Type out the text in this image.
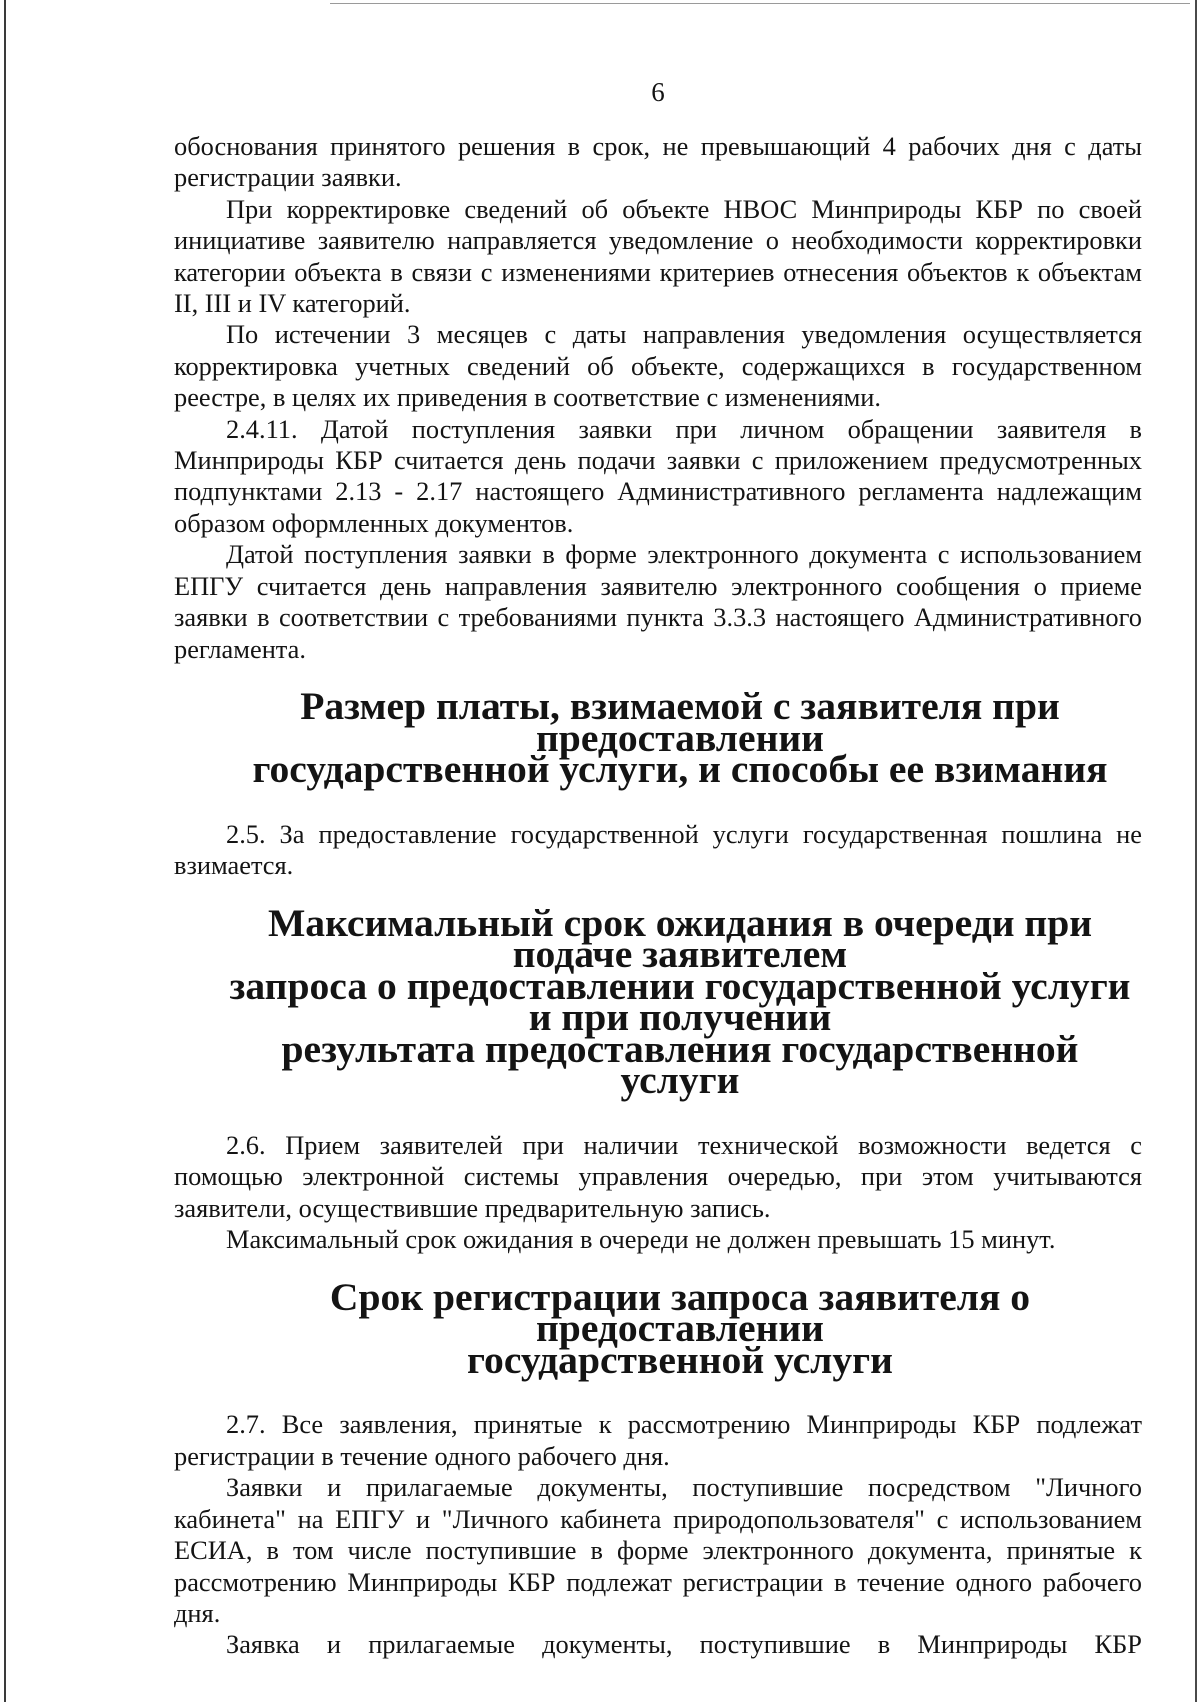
6

обоснования принятого решения в срок, не превышающий 4 рабочих дня с даты регистрации заявки.

При корректировке сведений об объекте НВОС Минприроды КБР по своей инициативе заявителю направляется уведомление о необходимости корректировки категории объекта в связи с изменениями критериев отнесения объектов к объектам II, III и IV категорий.

По истечении 3 месяцев с даты направления уведомления осуществляется корректировка учетных сведений об объекте, содержащихся в государственном реестре, в целях их приведения в соответствие с изменениями.

2.4.11. Датой поступления заявки при личном обращении заявителя в Минприроды КБР считается день подачи заявки с приложением предусмотренных подпунктами 2.13 - 2.17 настоящего Административного регламента надлежащим образом оформленных документов.

Датой поступления заявки в форме электронного документа с использованием ЕПГУ считается день направления заявителю электронного сообщения о приеме заявки в соответствии с требованиями пункта 3.3.3 настоящего Административного регламента.

Размер платы, взимаемой с заявителя при предоставлении
государственной услуги, и способы ее взимания

2.5. За предоставление государственной услуги государственная пошлина не взимается.

Максимальный срок ожидания в очереди при подаче заявителем
запроса о предоставлении государственной услуги и при получении
результата предоставления государственной услуги

2.6. Прием заявителей при наличии технической возможности ведется с помощью электронной системы управления очередью, при этом учитываются заявители, осуществившие предварительную запись.

Максимальный срок ожидания в очереди не должен превышать 15 минут.

Срок регистрации запроса заявителя о предоставлении
государственной услуги

2.7. Все заявления, принятые к рассмотрению Минприроды КБР подлежат регистрации в течение одного рабочего дня.

Заявки и прилагаемые документы, поступившие посредством "Личного кабинета" на ЕПГУ и "Личного кабинета природопользователя" с использованием ЕСИА, в том числе поступившие в форме электронного документа, принятые к рассмотрению Минприроды КБР подлежат регистрации в течение одного рабочего дня.

Заявка и прилагаемые документы, поступившие в Минприроды КБР
